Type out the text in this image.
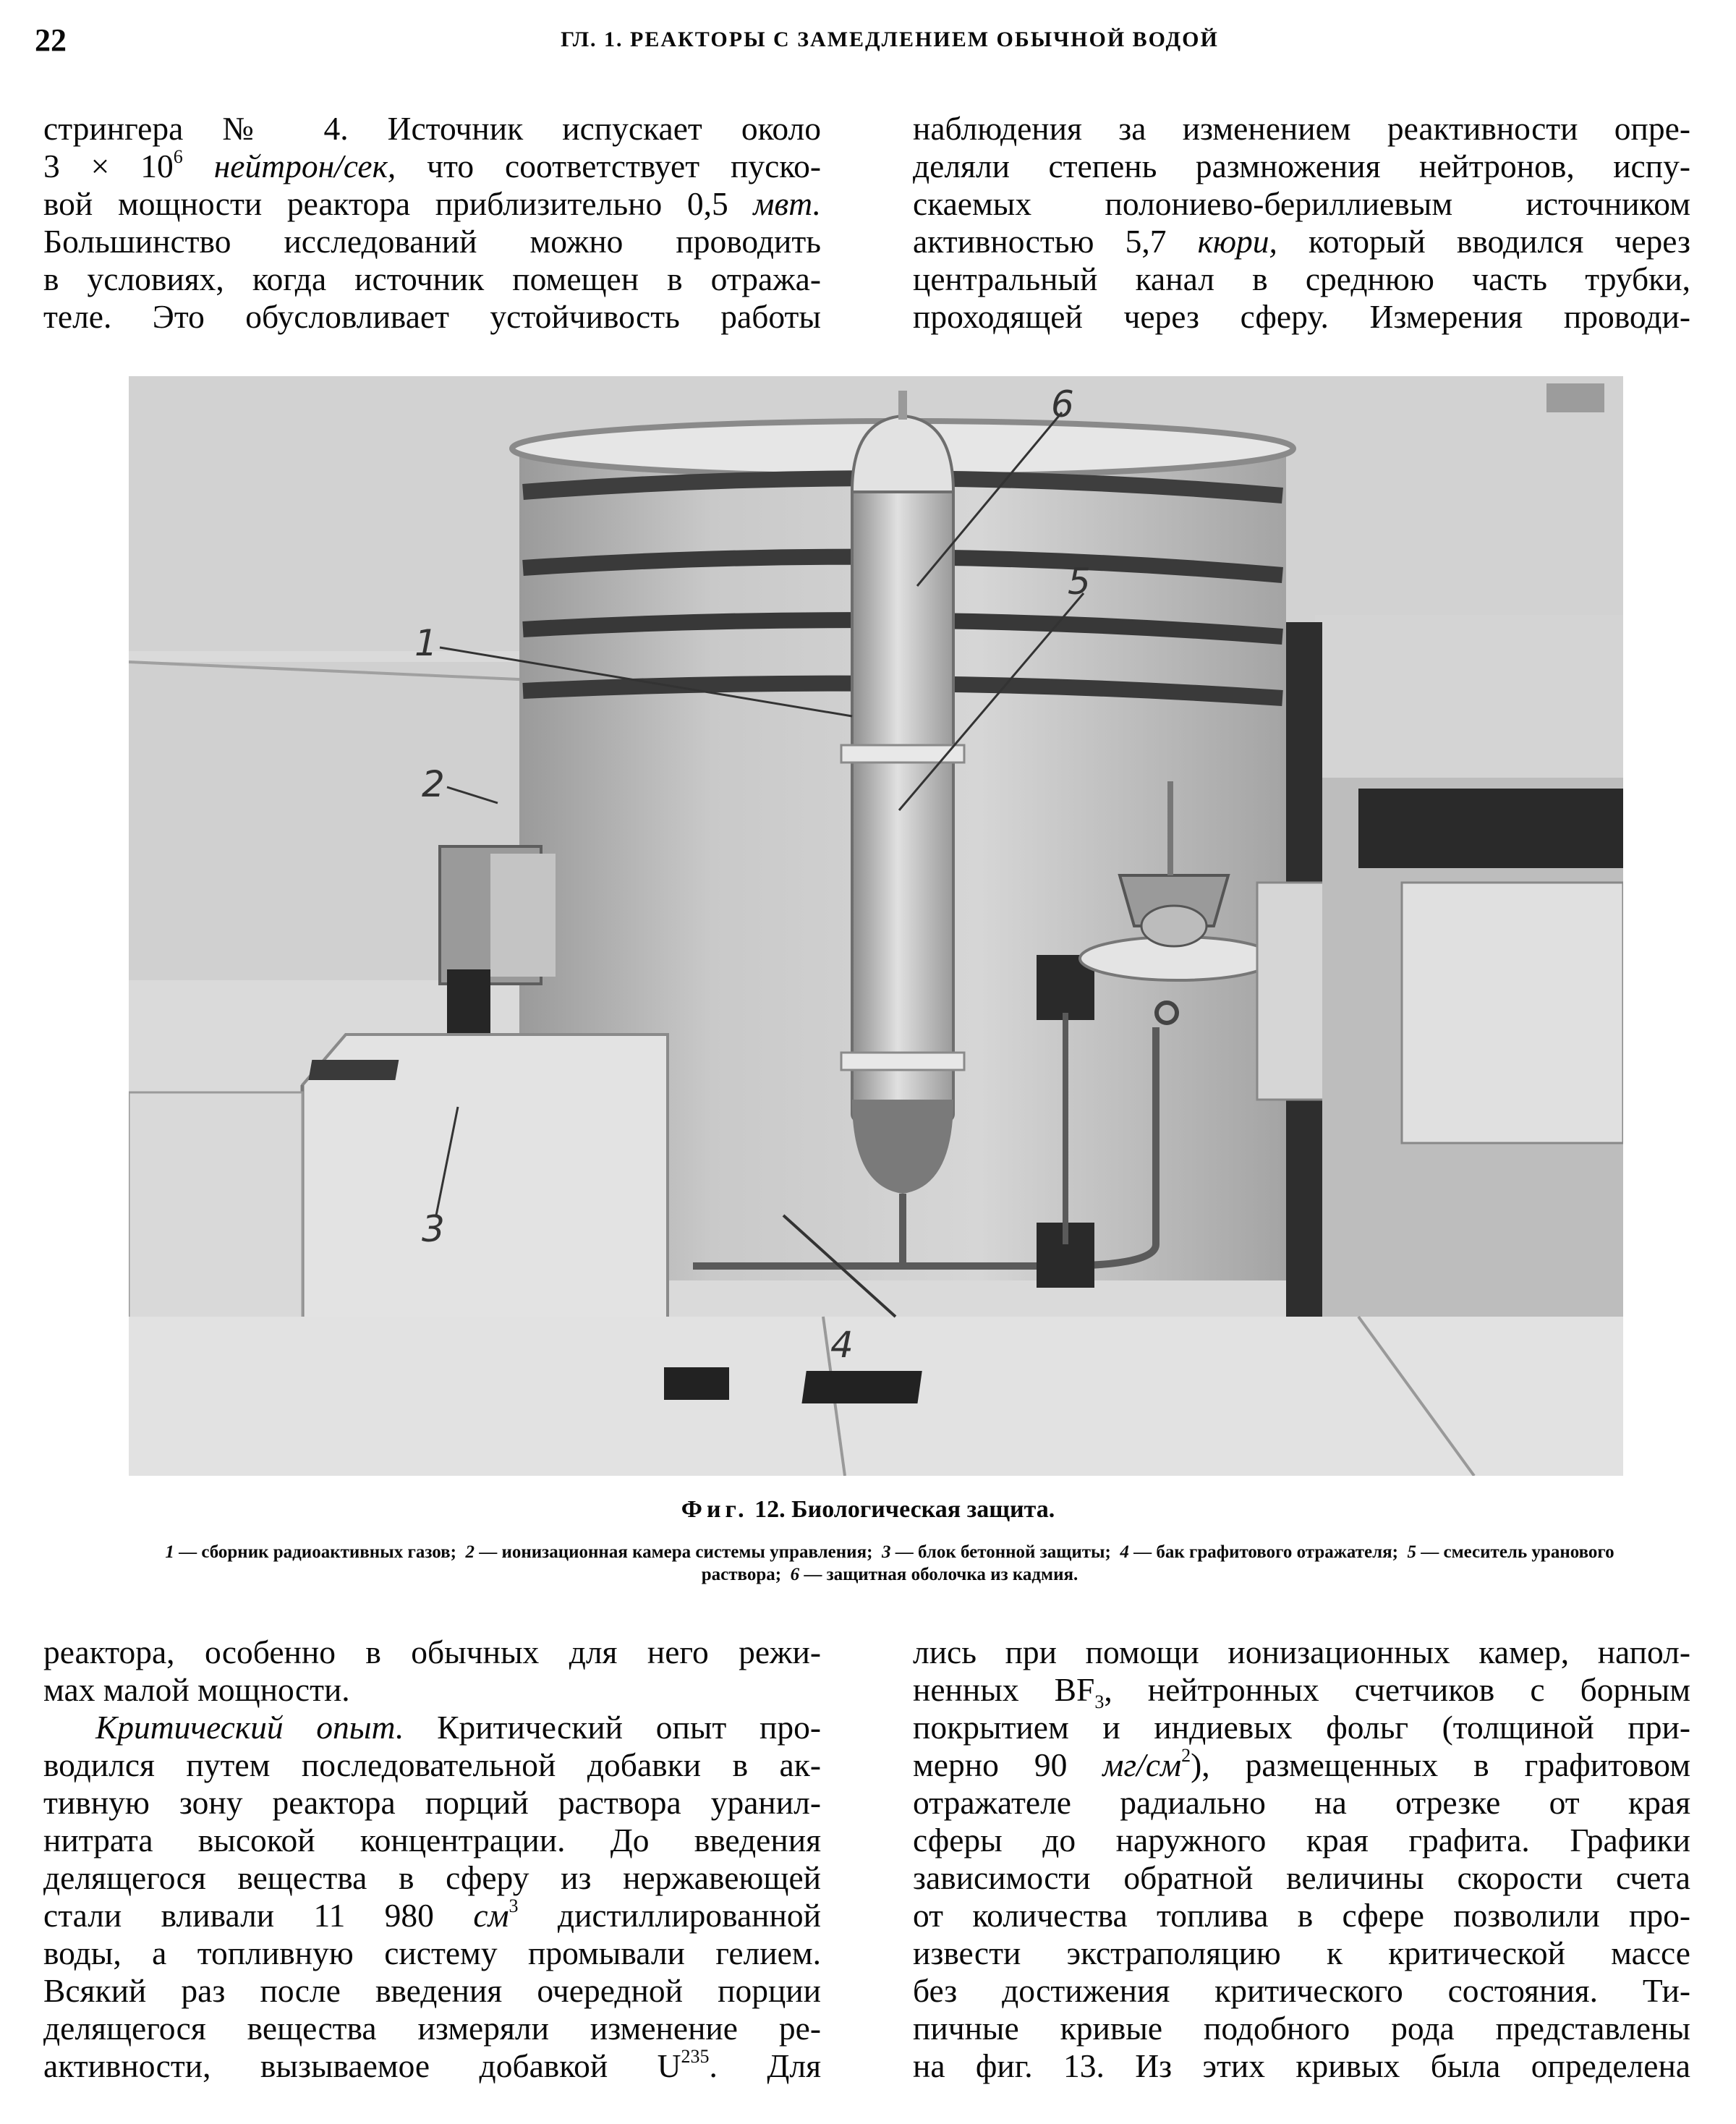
22	ГЛ. 1. РЕАКТОРЫ С ЗАМЕДЛЕНИЕМ ОБЫЧНОЙ ВОДОЙ
стрингера № 4. Источник испускает около
$3 \times 10^6$ нейтрон/сек, что соответствует пуско-
вой мощности реактора приблизительно 0,5 мвт.
Большинство исследований можно проводить
в условиях, когда источник помещен в отража-
теле. Это обусловливает устойчивость работы
наблюдения за изменением реактивности опре-
деляли степень размножения нейтронов, испу-
скаемых полониево-бериллиевым источником
активностью 5,7 кюри, который вводился через
центральный канал в среднюю часть трубки,
проходящей через сферу. Измерения проводи-
1
2
3
4
5
6
Фиг. 12. Биологическая защита.
1 — сборник радиоактивных газов; 2 — ионизационная камера системы управления; 3 — блок бетонной защиты; 4 — бак графитового отражателя; 5 — смеситель уранового раствора; 6 — защитная оболочка из кадмия.
реактора, особенно в обычных для него режи-
мах малой мощности.
Критический опыт. Критический опыт про-
водился путем последовательной добавки в ак-
тивную зону реактора порций раствора уранил-
нитрата высокой концентрации. До введения
делящегося вещества в сферу из нержавеющей
стали вливали 11 980 $см^3$ дистиллированной
воды, а топливную систему промывали гелием.
Всякий раз после введения очередной порции
делящегося вещества измеряли изменение ре-
активности, вызываемое добавкой $U^{235}$. Для
лись при помощи ионизационных камер, напол-
ненных $BF_3$, нейтронных счетчиков с борным
покрытием и индиевых фольг (толщиной при-
мерно 90 $мг/см^2$), размещенных в графитовом
отражателе радиально на отрезке от края
сферы до наружного края графита. Графики
зависимости обратной величины скорости счета
от количества топлива в сфере позволили про-
извести экстраполяцию к критической массе
без достижения критического состояния. Ти-
пичные кривые подобного рода представлены
на фиг. 13. Из этих кривых была определена
